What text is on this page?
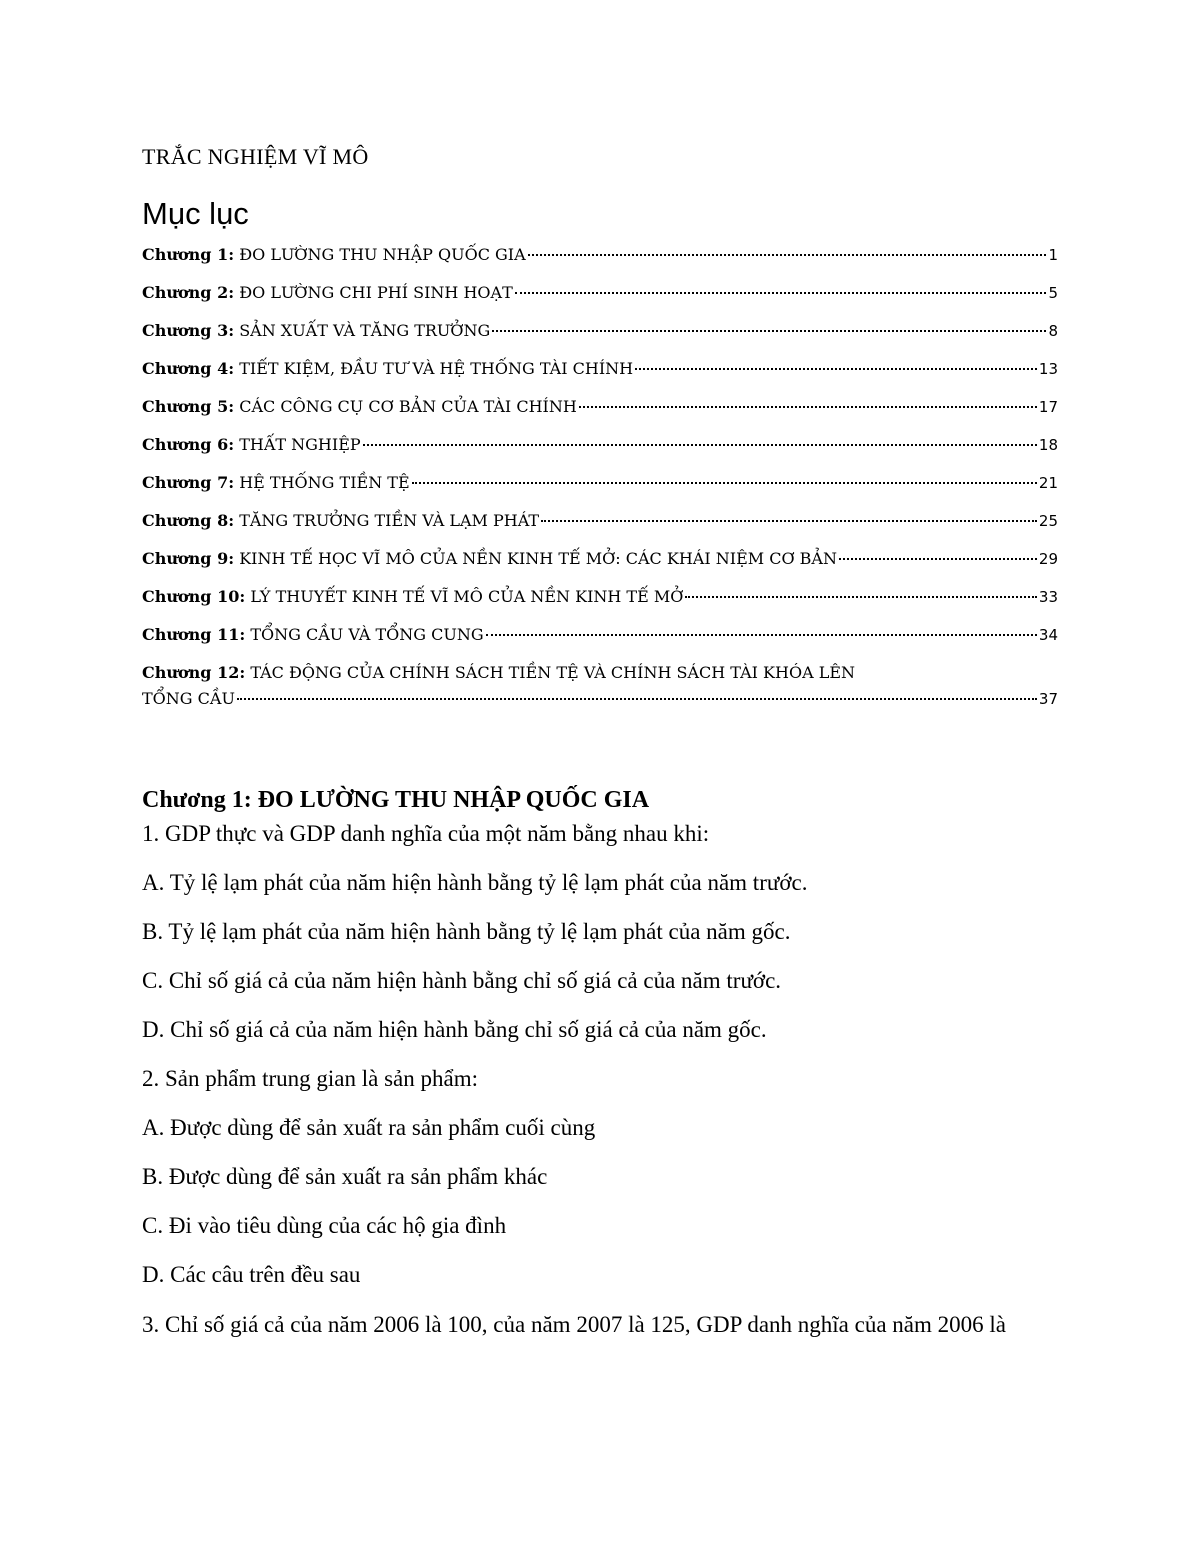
TRẮC NGHIỆM VĨ MÔ
Mục lục
Chương 1:
ĐO LƯỜNG THU NHẬP QUỐC GIA	1
Chương 2:
ĐO LƯỜNG CHI PHÍ SINH HOẠT	5
Chương 3:
SẢN XUẤT VÀ TĂNG TRƯỞNG	8
Chương 4:
TIẾT KIỆM, ĐẦU TƯ VÀ HỆ THỐNG TÀI CHÍNH	13
Chương 5:
CÁC CÔNG CỤ CƠ BẢN CỦA TÀI CHÍNH	17
Chương 6:
THẤT NGHIỆP	18
Chương 7:
HỆ THỐNG TIỀN TỆ	21
Chương 8:
TĂNG TRƯỞNG TIỀN VÀ LẠM PHÁT	25
Chương 9:
KINH TẾ HỌC VĨ MÔ CỦA NỀN KINH TẾ MỞ: CÁC KHÁI NIỆM CƠ BẢN	29
Chương 10:
LÝ THUYẾT KINH TẾ VĨ MÔ CỦA NỀN KINH TẾ MỞ	33
Chương 11:
TỔNG CẦU VÀ TỔNG CUNG	34
Chương 12: TÁC ĐỘNG CỦA CHÍNH SÁCH TIỀN TỆ VÀ CHÍNH SÁCH TÀI KHÓA LÊN
TỔNG CẦU	37
Chương 1: ĐO LƯỜNG THU NHẬP QUỐC GIA
1. GDP thực và GDP danh nghĩa của một năm bằng nhau khi:
A. Tỷ lệ lạm phát của năm hiện hành bằng tỷ lệ lạm phát của năm trước.
B. Tỷ lệ lạm phát của năm hiện hành bằng tỷ lệ lạm phát của năm gốc.
C. Chỉ số giá cả của năm hiện hành bằng chỉ số giá cả của năm trước.
D. Chỉ số giá cả của năm hiện hành bằng chỉ số giá cả của năm gốc.
2. Sản phẩm trung gian là sản phẩm:
A. Được dùng để sản xuất ra sản phẩm cuối cùng
B. Được dùng để sản xuất ra sản phẩm khác
C. Đi vào tiêu dùng của các hộ gia đình
D. Các câu trên đều sau
3. Chỉ số giá cả của năm 2006 là 100, của năm 2007 là 125, GDP danh nghĩa của năm 2006 là
